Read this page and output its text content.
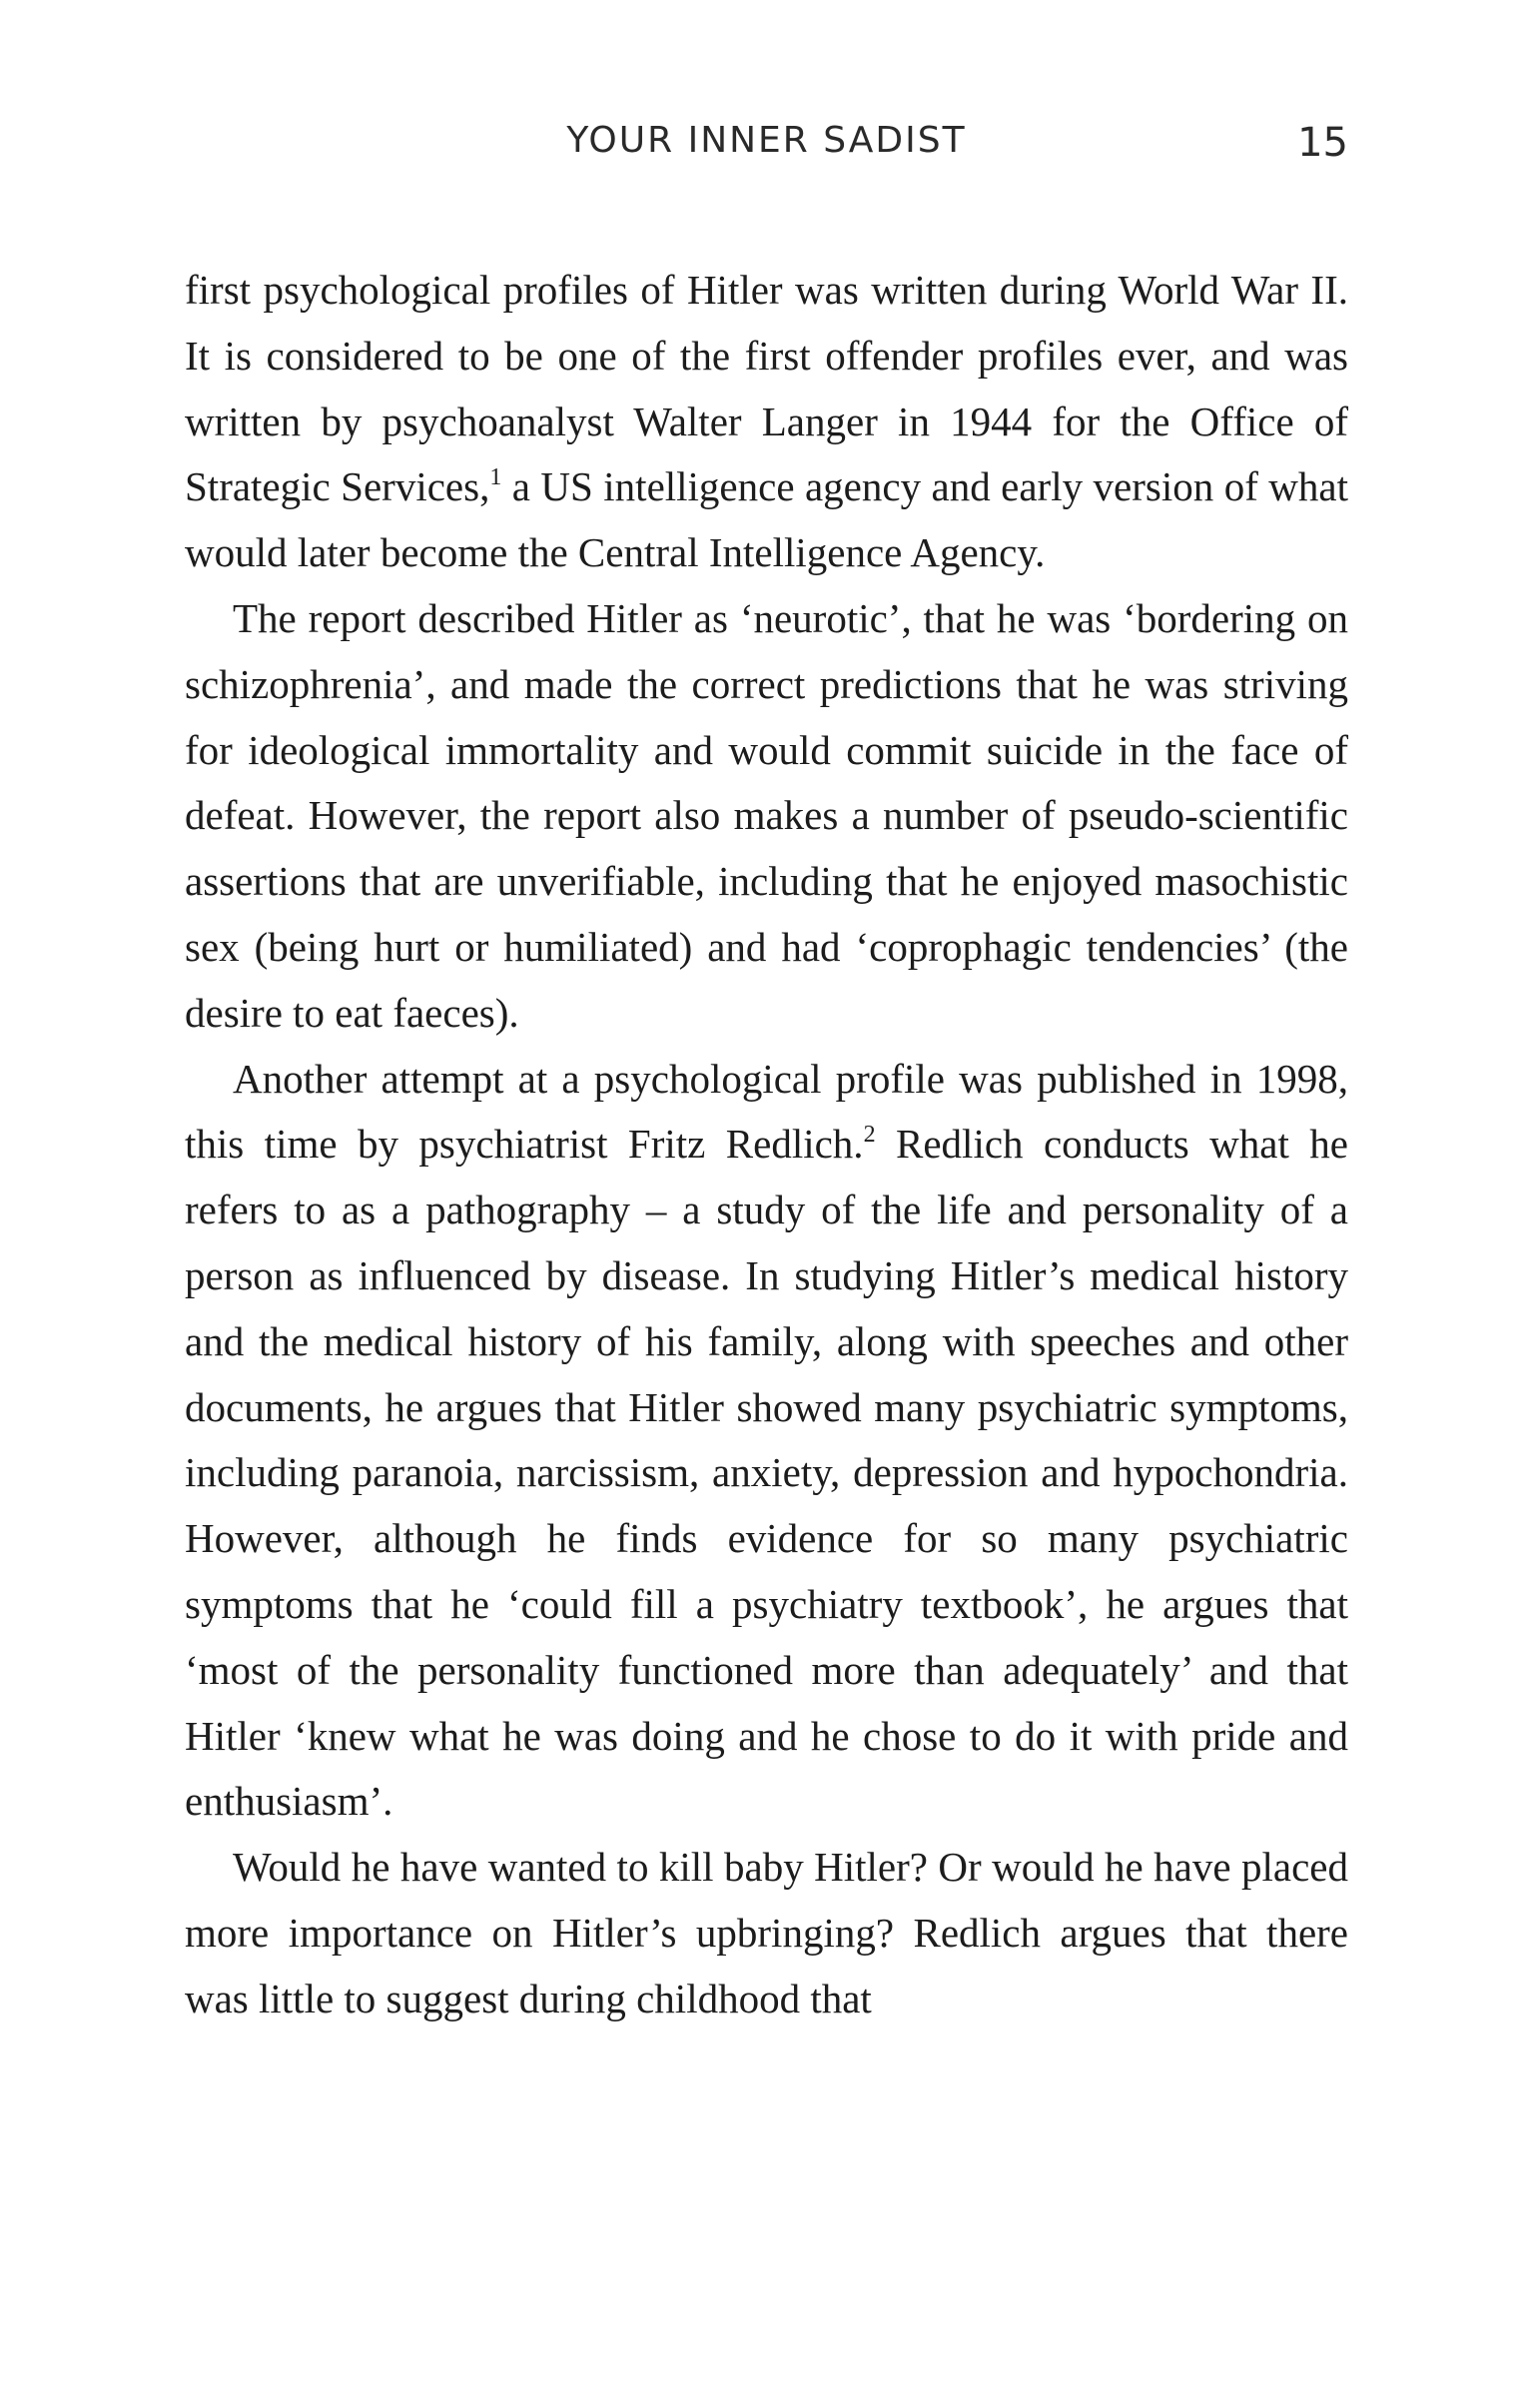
YOUR INNER SADIST	15

first psychological profiles of Hitler was written during World War II. It is considered to be one of the first offender profiles ever, and was written by psychoanalyst Walter Langer in 1944 for the Office of Strategic Services,$^1$ a US intelligence agency and early version of what would later become the Central Intelligence Agency.

The report described Hitler as ‘neurotic’, that he was ‘bordering on schizophrenia’, and made the correct predictions that he was striving for ideological immortality and would commit suicide in the face of defeat. However, the report also makes a number of pseudo-scientific assertions that are unverifiable, including that he enjoyed masochistic sex (being hurt or humiliated) and had ‘coprophagic tendencies’ (the desire to eat faeces).

Another attempt at a psychological profile was published in 1998, this time by psychiatrist Fritz Redlich.$^2$ Redlich conducts what he refers to as a pathography – a study of the life and personality of a person as influenced by disease. In studying Hitler’s medical history and the medical history of his family, along with speeches and other documents, he argues that Hitler showed many psychiatric symptoms, including paranoia, narcissism, anxiety, depression and hypochondria. However, although he finds evidence for so many psychiatric symptoms that he ‘could fill a psychiatry textbook’, he argues that ‘most of the personality functioned more than adequately’ and that Hitler ‘knew what he was doing and he chose to do it with pride and enthusiasm’.

Would he have wanted to kill baby Hitler? Or would he have placed more importance on Hitler’s upbringing? Redlich argues that there was little to suggest during childhood that
